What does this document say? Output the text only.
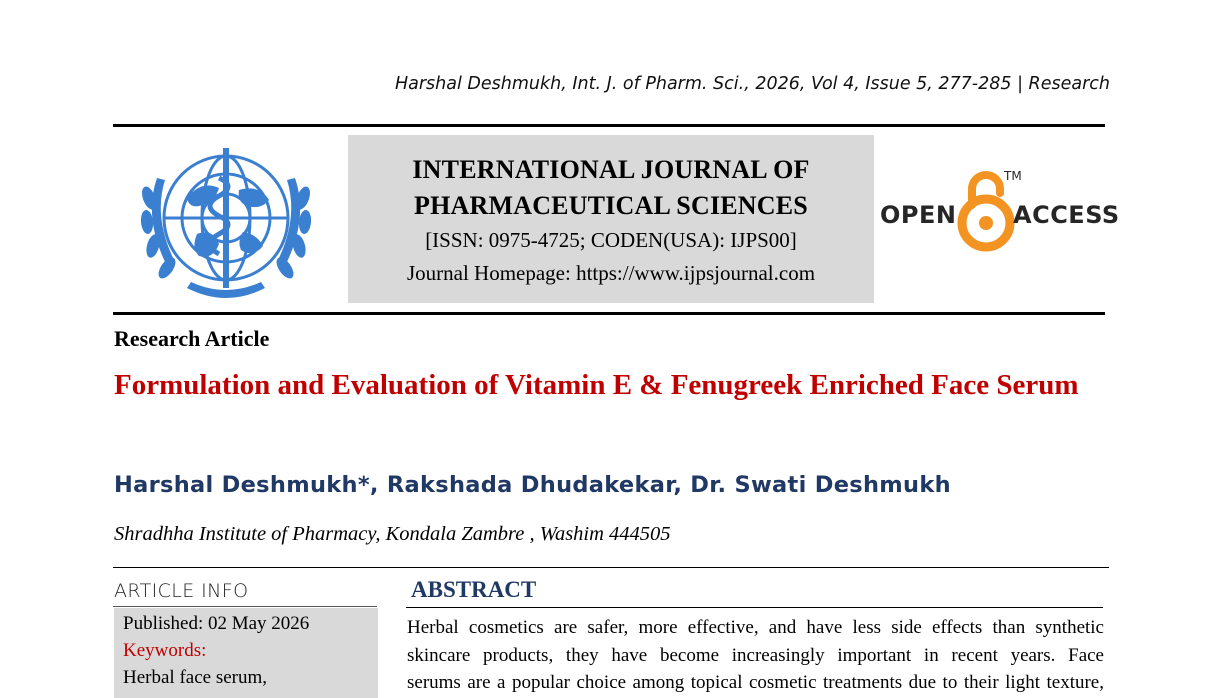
Harshal Deshmukh, Int. J. of Pharm. Sci., 2026, Vol 4, Issue 5, 277-285 | Research
INTERNATIONAL JOURNAL OF
PHARMACEUTICAL SCIENCES
[ISSN: 0975-4725; CODEN(USA): IJPS00]
Journal Homepage: https://www.ijpsjournal.com
OPEN
TM
ACCESS
Research Article
Formulation and Evaluation of Vitamin E & Fenugreek Enriched Face Serum
Harshal Deshmukh*, Rakshada Dhudakekar, Dr. Swati Deshmukh
Shradhha Institute of Pharmacy, Kondala Zambre , Washim 444505
ARTICLE INFO
Published: 02 May 2026
Keywords:
Herbal face serum,
ABSTRACT
Herbal cosmetics are safer, more effective, and have less side effects than synthetic
skincare products, they have become increasingly important in recent years. Face
serums are a popular choice among topical cosmetic treatments due to their light texture,
